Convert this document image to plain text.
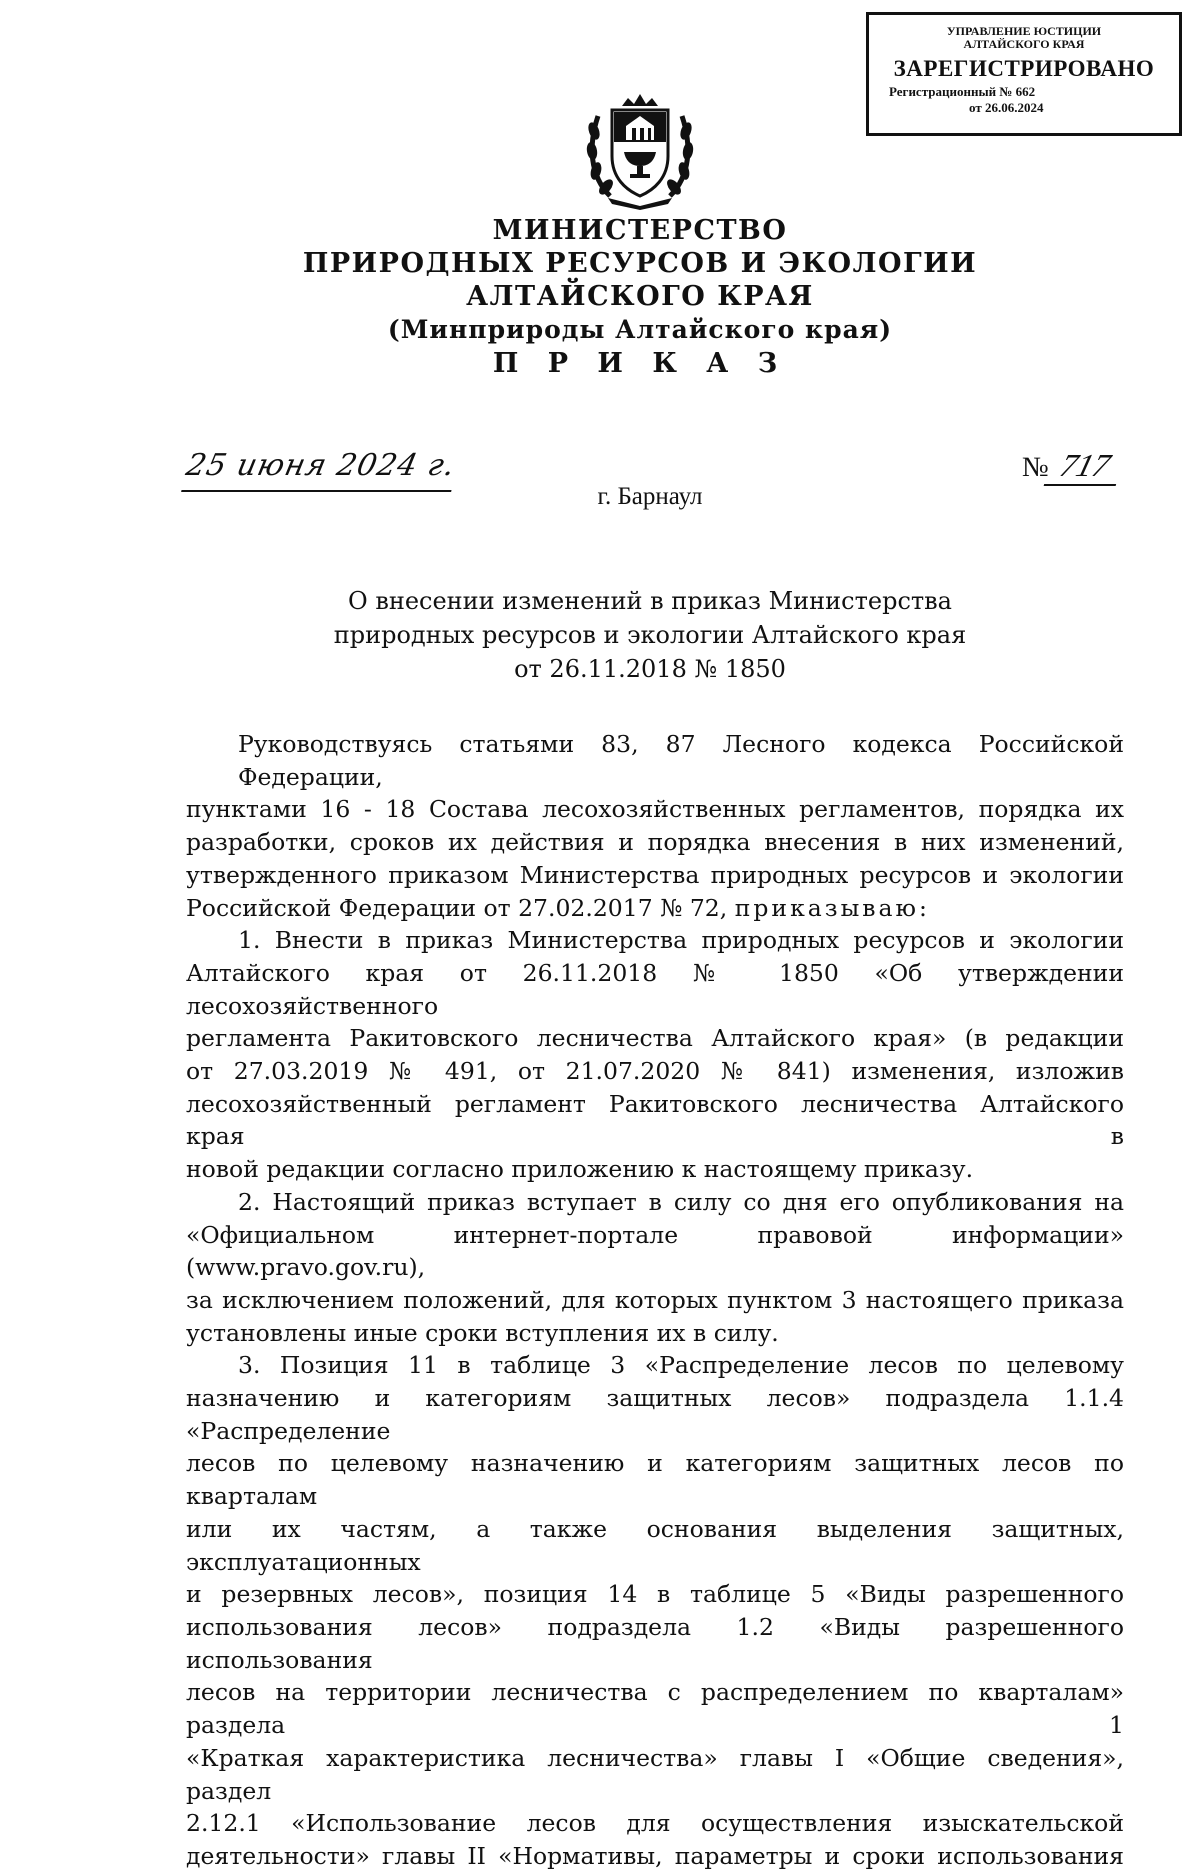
УПРАВЛЕНИЕ ЮСТИЦИИ
АЛТАЙСКОГО КРАЯ
ЗАРЕГИСТРИРОВАНО
Регистрационный № 662
от 26.06.2024
МИНИСТЕРСТВО
ПРИРОДНЫХ РЕСУРСОВ И ЭКОЛОГИИ
АЛТАЙСКОГО КРАЯ
(Минприроды Алтайского края)
П Р И К А З
25 июня 2024 г.	№ 717
г. Барнаул
О внесении изменений в приказ Министерства
природных ресурсов и экологии Алтайского края
от 26.11.2018 № 1850
Руководствуясь статьями 83, 87 Лесного кодекса Российской Федерации,
пунктами 16 - 18 Состава лесохозяйственных регламентов, порядка их
разработки, сроков их действия и порядка внесения в них изменений,
утвержденного приказом Министерства природных ресурсов и экологии
Российской Федерации от 27.02.2017 № 72, приказываю:
1. Внести в приказ Министерства природных ресурсов и экологии
Алтайского края от 26.11.2018 № 1850 «Об утверждении лесохозяйственного
регламента Ракитовского лесничества Алтайского края» (в редакции
от 27.03.2019 № 491, от 21.07.2020 № 841) изменения, изложив
лесохозяйственный регламент Ракитовского лесничества Алтайского края в
новой редакции согласно приложению к настоящему приказу.
2. Настоящий приказ вступает в силу со дня его опубликования на
«Официальном интернет-портале правовой информации» (www.pravo.gov.ru),
за исключением положений, для которых пунктом 3 настоящего приказа
установлены иные сроки вступления их в силу.
3. Позиция 11 в таблице 3 «Распределение лесов по целевому
назначению и категориям защитных лесов» подраздела 1.1.4 «Распределение
лесов по целевому назначению и категориям защитных лесов по кварталам
или их частям, а также основания выделения защитных, эксплуатационных
и резервных лесов», позиция 14 в таблице 5 «Виды разрешенного
использования лесов» подраздела 1.2 «Виды разрешенного использования
лесов на территории лесничества с распределением по кварталам» раздела 1
«Краткая характеристика лесничества» главы I «Общие сведения», раздел
2.12.1 «Использование лесов для осуществления изыскательской
деятельности» главы II «Нормативы, параметры и сроки использования
